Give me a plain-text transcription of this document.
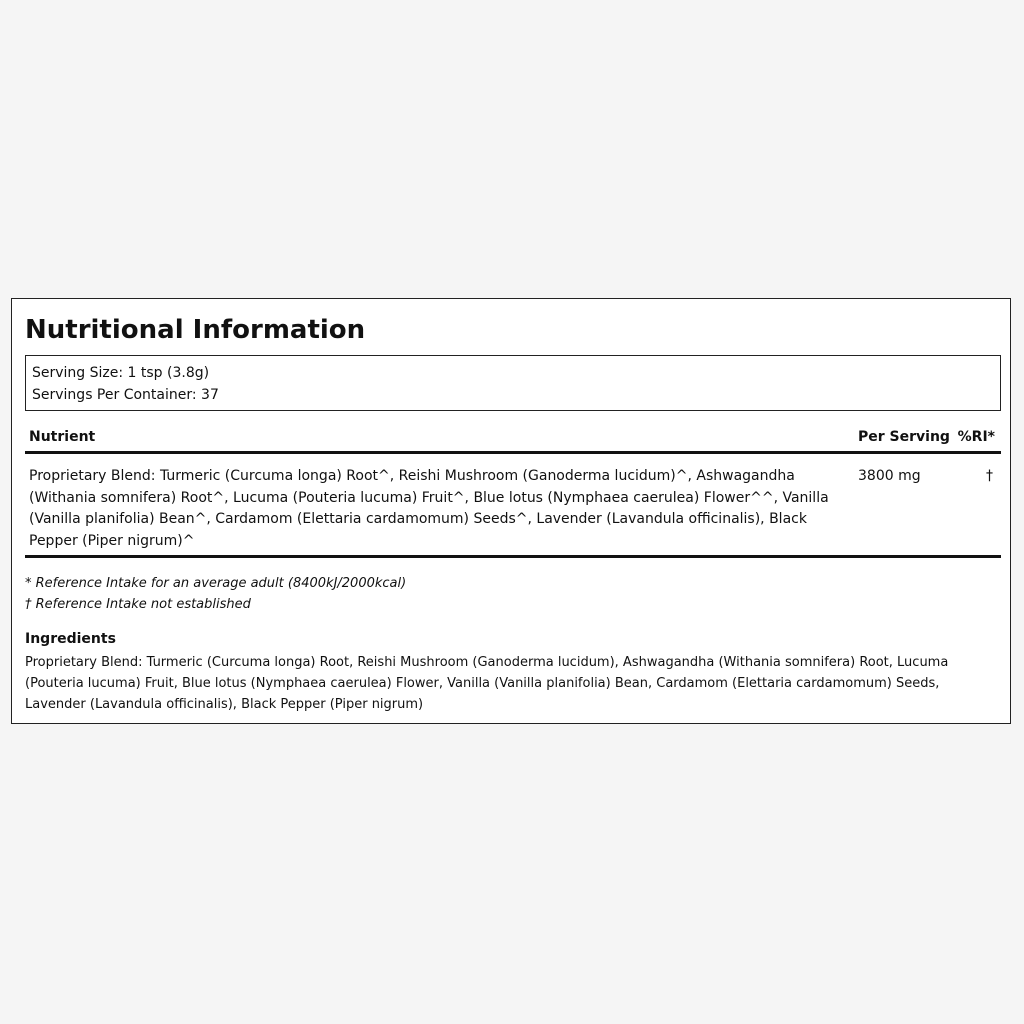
Nutritional Information
Serving Size: 1 tsp (3.8g)
Servings Per Container: 37
Nutrient	Per Serving %RI*
Proprietary Blend: Turmeric (Curcuma longa) Root^, Reishi Mushroom (Ganoderma lucidum)^, Ashwagandha (Withania somnifera) Root^, Lucuma (Pouteria lucuma) Fruit^, Blue lotus (Nymphaea caerulea) Flower^^, Vanilla (Vanilla planifolia) Bean^, Cardamom (Elettaria cardamomum) Seeds^, Lavender (Lavandula officinalis), Black Pepper (Piper nigrum)^
3800 mg	†
* Reference Intake for an average adult (8400kJ/2000kcal)
† Reference Intake not established
Ingredients
Proprietary Blend: Turmeric (Curcuma longa) Root, Reishi Mushroom (Ganoderma lucidum), Ashwagandha (Withania somnifera) Root, Lucuma (Pouteria lucuma) Fruit, Blue lotus (Nymphaea caerulea) Flower, Vanilla (Vanilla planifolia) Bean, Cardamom (Elettaria cardamomum) Seeds, Lavender (Lavandula officinalis), Black Pepper (Piper nigrum)
